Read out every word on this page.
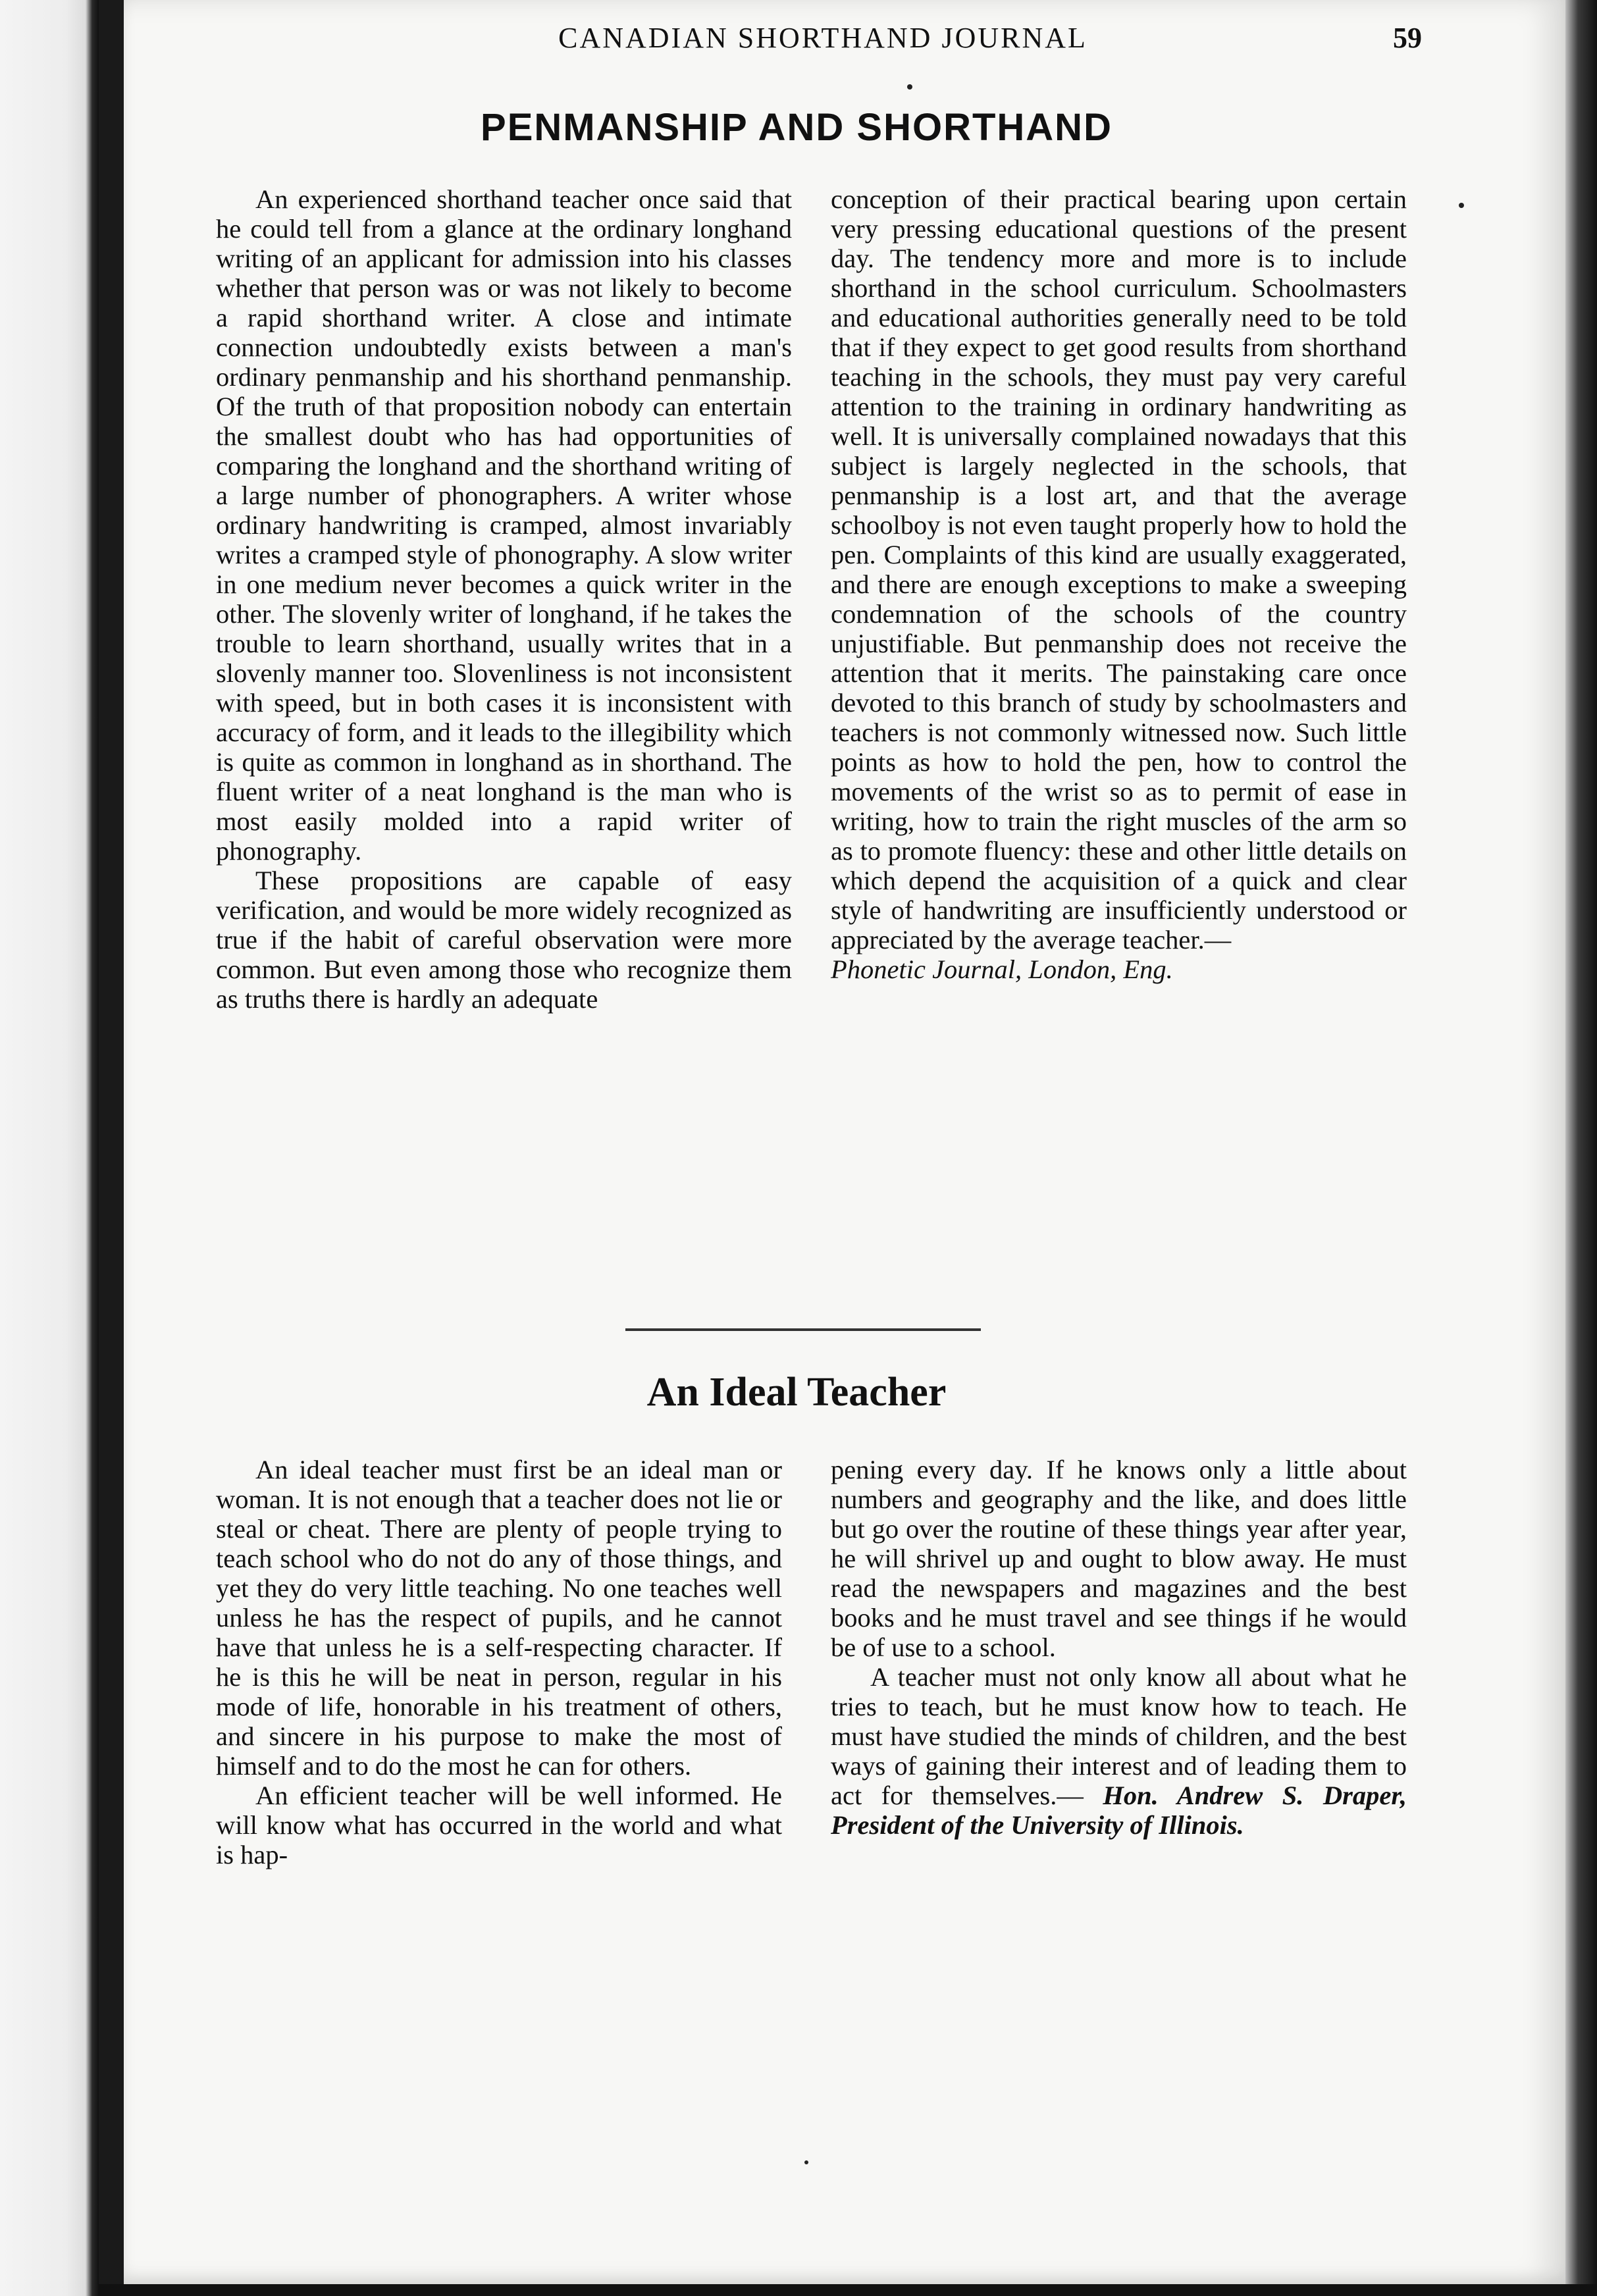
CANADIAN SHORTHAND JOURNAL	59
PENMANSHIP AND SHORTHAND

An experienced shorthand teacher once said that he could tell from a glance at the ordinary longhand writing of an applicant for admission into his classes whether that person was or was not likely to become a rapid shorthand writer. A close and intimate connection undoubtedly exists between a man's ordinary penmanship and his shorthand penmanship. Of the truth of that proposition nobody can entertain the smallest doubt who has had opportunities of comparing the longhand and the shorthand writing of a large number of phonographers. A writer whose ordinary handwriting is cramped, almost invariably writes a cramped style of phonography. A slow writer in one medium never becomes a quick writer in the other. The slovenly writer of longhand, if he takes the trouble to learn shorthand, usually writes that in a slovenly manner too. Slovenliness is not inconsistent with speed, but in both cases it is inconsistent with accuracy of form, and it leads to the illegibility which is quite as common in longhand as in shorthand. The fluent writer of a neat longhand is the man who is most easily molded into a rapid writer of phonography.

These propositions are capable of easy verification, and would be more widely recognized as true if the habit of careful observation were more common. But even among those who recognize them as truths there is hardly an adequate

conception of their practical bearing upon certain very pressing educational questions of the present day. The tendency more and more is to include shorthand in the school curriculum. Schoolmasters and educational authorities generally need to be told that if they expect to get good results from shorthand teaching in the schools, they must pay very careful attention to the training in ordinary handwriting as well. It is universally complained nowadays that this subject is largely neglected in the schools, that penmanship is a lost art, and that the average schoolboy is not even taught properly how to hold the pen. Complaints of this kind are usually exaggerated, and there are enough exceptions to make a sweeping condemnation of the schools of the country unjustifiable. But penmanship does not receive the attention that it merits. The painstaking care once devoted to this branch of study by schoolmasters and teachers is not commonly witnessed now. Such little points as how to hold the pen, how to control the movements of the wrist so as to permit of ease in writing, how to train the right muscles of the arm so as to promote fluency: these and other little details on which depend the acquisition of a quick and clear style of handwriting are insufficiently understood or appreciated by the average teacher.—
Phonetic Journal, London, Eng.

An Ideal Teacher

An ideal teacher must first be an ideal man or woman. It is not enough that a teacher does not lie or steal or cheat. There are plenty of people trying to teach school who do not do any of those things, and yet they do very little teaching. No one teaches well unless he has the respect of pupils, and he cannot have that unless he is a self-respecting character. If he is this he will be neat in person, regular in his mode of life, honorable in his treatment of others, and sincere in his purpose to make the most of himself and to do the most he can for others.

An efficient teacher will be well informed. He will know what has occurred in the world and what is hap-

pening every day. If he knows only a little about numbers and geography and the like, and does little but go over the routine of these things year after year, he will shrivel up and ought to blow away. He must read the newspapers and magazines and the best books and he must travel and see things if he would be of use to a school.

A teacher must not only know all about what he tries to teach, but he must know how to teach. He must have studied the minds of children, and the best ways of gaining their interest and of leading them to act for themselves.— Hon. Andrew S. Draper, President of the University of Illinois.
